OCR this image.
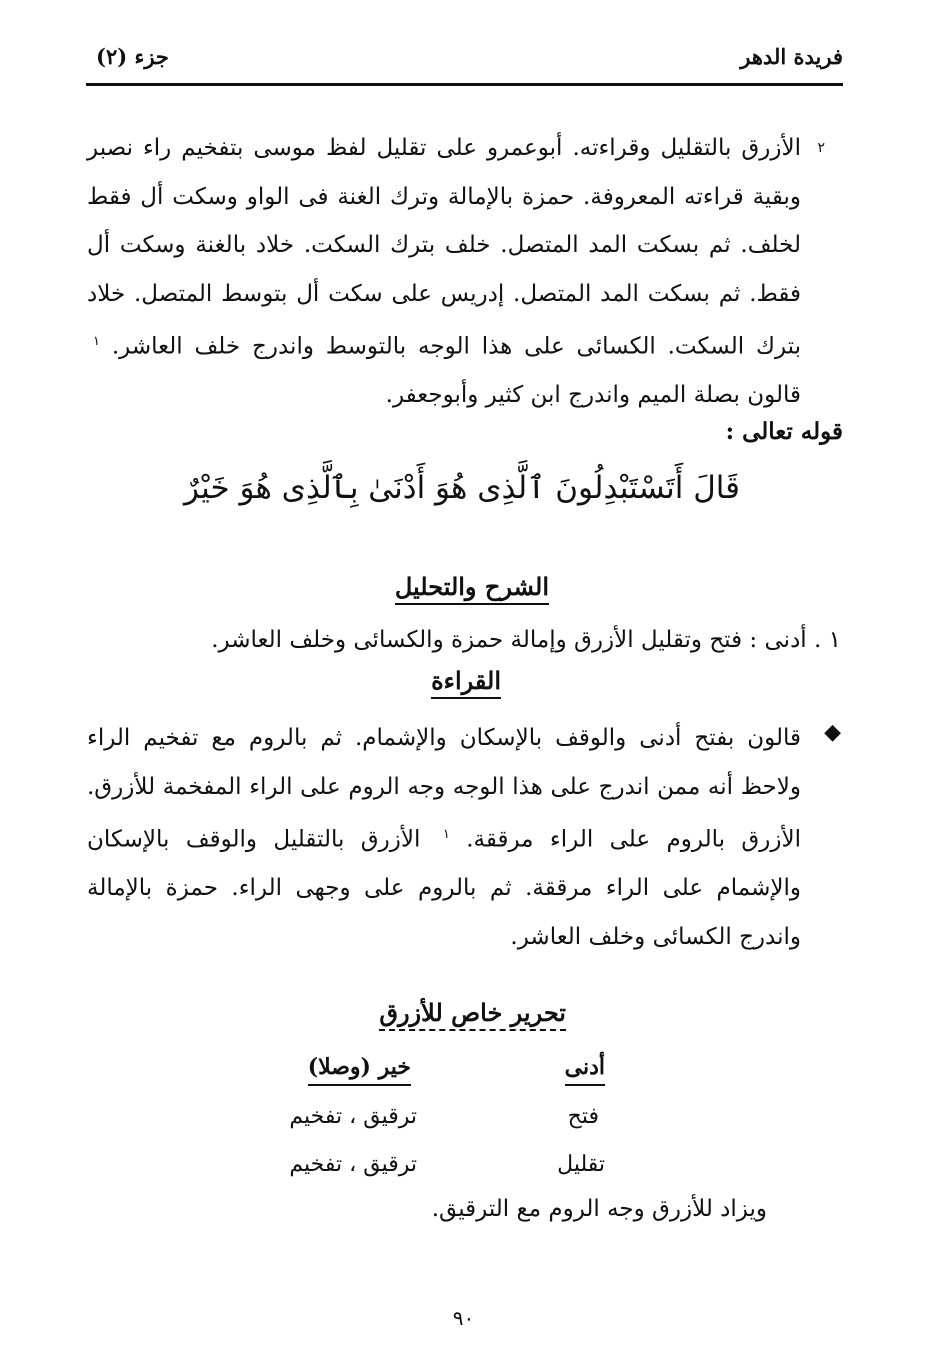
فريدة الدهر
جزء (٢)
٢
الأزرق بالتقليل وقراءته. أبوعمرو على تقليل لفظ موسى بتفخيم راء نصبر وبقية قراءته المعروفة. حمزة بالإمالة وترك الغنة فى الواو وسكت أل فقط لخلف. ثم بسكت المد المتصل. خلف بترك السكت. خلاد بالغنة وسكت أل فقط. ثم بسكت المد المتصل. إدريس على سكت أل بتوسط المتصل. خلاد بترك السكت. الكسائى على هذا الوجه بالتوسط واندرج خلف العاشر. $^١$ قالون بصلة الميم واندرج ابن كثير وأبوجعفر.
قوله تعالى :
قَالَ أَتَسْتَبْدِلُونَ ٱلَّذِى هُوَ أَدْنَىٰ بِٱلَّذِى هُوَ خَيْرٌ
الشرح والتحليل
١ . أدنى : فتح وتقليل الأزرق وإمالة حمزة والكسائى وخلف العاشر.
القراءة
◆
قالون بفتح أدنى والوقف بالإسكان والإشمام. ثم بالروم مع تفخيم الراء ولاحظ أنه ممن اندرج على هذا الوجه وجه الروم على الراء المفخمة للأزرق. الأزرق بالروم على الراء مرققة. $^١$ الأزرق بالتقليل والوقف بالإسكان والإشمام على الراء مرققة. ثم بالروم على وجهى الراء. حمزة بالإمالة واندرج الكسائى وخلف العاشر.
تحرير خاص للأزرق
أدنى
خير (وصلا)
فتح
ترقيق ، تفخيم
تقليل
ترقيق ، تفخيم
ويزاد للأزرق وجه الروم مع الترقيق.
٩٠
